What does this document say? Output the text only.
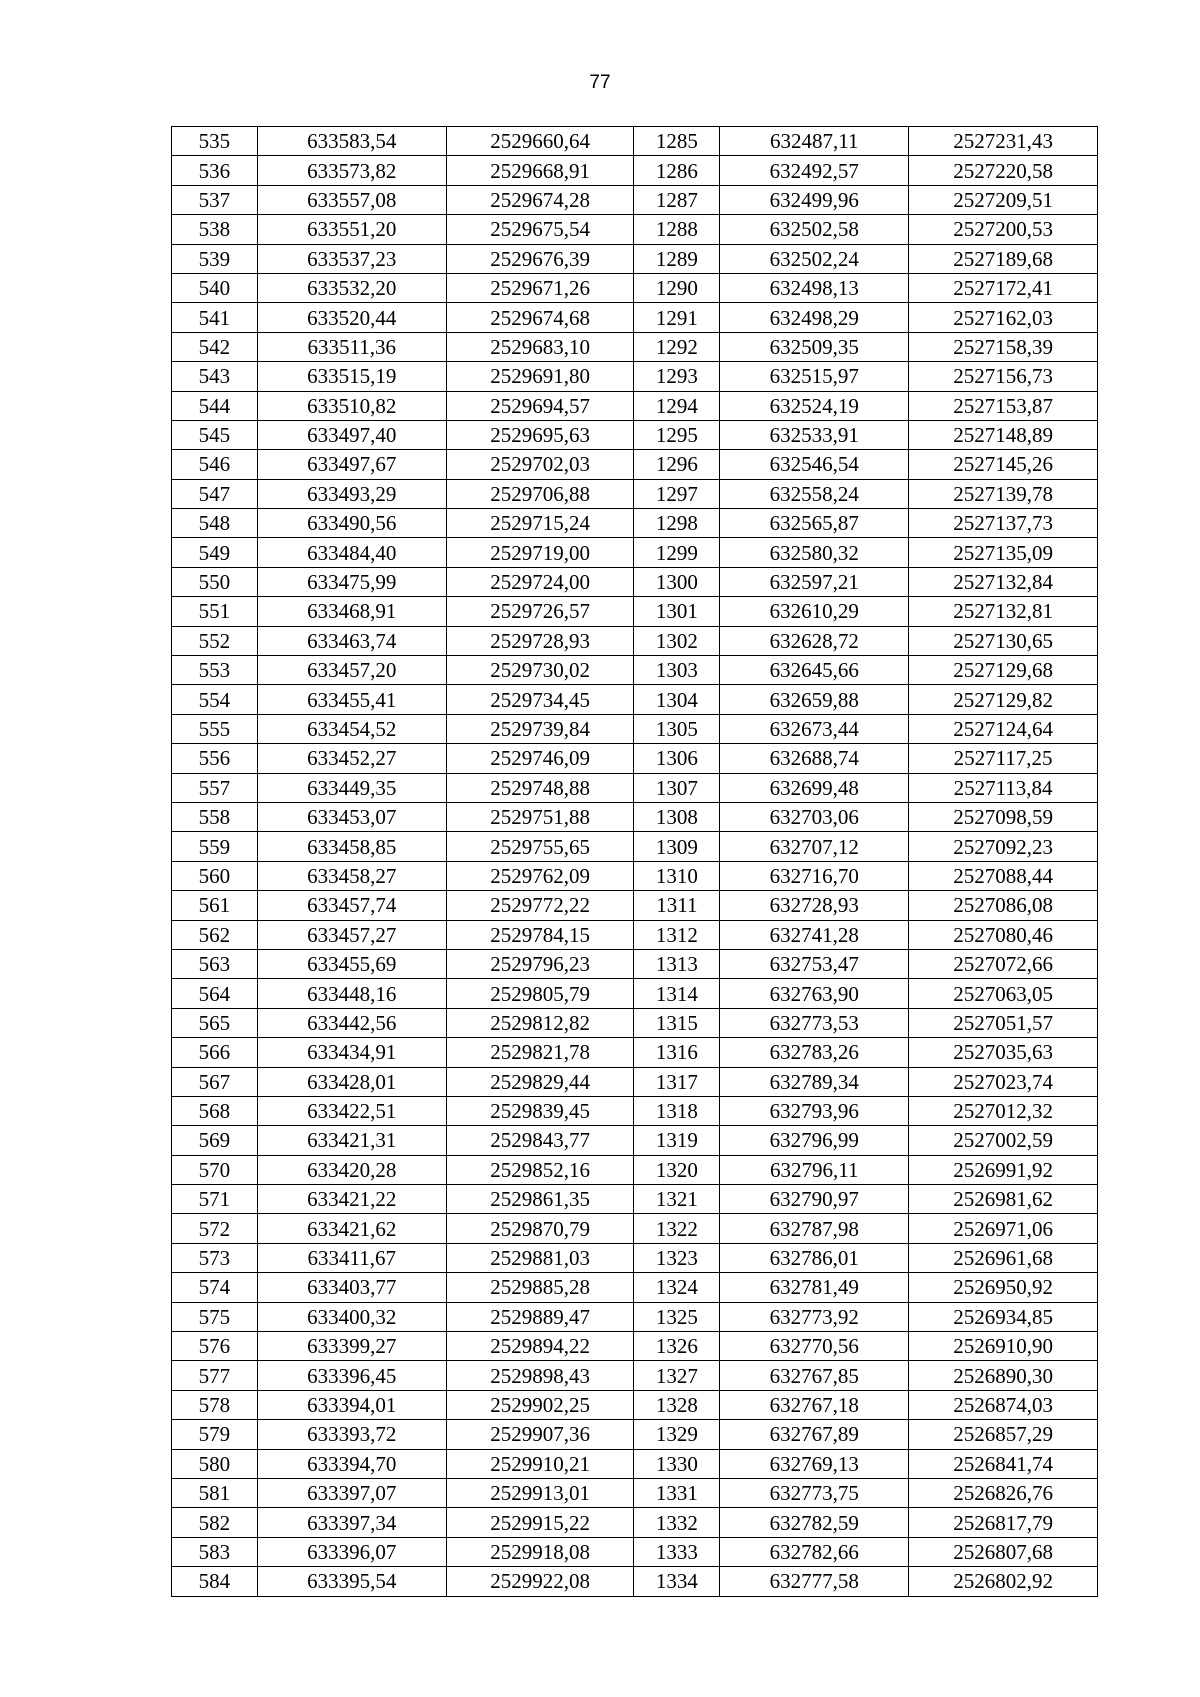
77
535	633583,54	2529660,64	1285	632487,11	2527231,43
536	633573,82	2529668,91	1286	632492,57	2527220,58
537	633557,08	2529674,28	1287	632499,96	2527209,51
538	633551,20	2529675,54	1288	632502,58	2527200,53
539	633537,23	2529676,39	1289	632502,24	2527189,68
540	633532,20	2529671,26	1290	632498,13	2527172,41
541	633520,44	2529674,68	1291	632498,29	2527162,03
542	633511,36	2529683,10	1292	632509,35	2527158,39
543	633515,19	2529691,80	1293	632515,97	2527156,73
544	633510,82	2529694,57	1294	632524,19	2527153,87
545	633497,40	2529695,63	1295	632533,91	2527148,89
546	633497,67	2529702,03	1296	632546,54	2527145,26
547	633493,29	2529706,88	1297	632558,24	2527139,78
548	633490,56	2529715,24	1298	632565,87	2527137,73
549	633484,40	2529719,00	1299	632580,32	2527135,09
550	633475,99	2529724,00	1300	632597,21	2527132,84
551	633468,91	2529726,57	1301	632610,29	2527132,81
552	633463,74	2529728,93	1302	632628,72	2527130,65
553	633457,20	2529730,02	1303	632645,66	2527129,68
554	633455,41	2529734,45	1304	632659,88	2527129,82
555	633454,52	2529739,84	1305	632673,44	2527124,64
556	633452,27	2529746,09	1306	632688,74	2527117,25
557	633449,35	2529748,88	1307	632699,48	2527113,84
558	633453,07	2529751,88	1308	632703,06	2527098,59
559	633458,85	2529755,65	1309	632707,12	2527092,23
560	633458,27	2529762,09	1310	632716,70	2527088,44
561	633457,74	2529772,22	1311	632728,93	2527086,08
562	633457,27	2529784,15	1312	632741,28	2527080,46
563	633455,69	2529796,23	1313	632753,47	2527072,66
564	633448,16	2529805,79	1314	632763,90	2527063,05
565	633442,56	2529812,82	1315	632773,53	2527051,57
566	633434,91	2529821,78	1316	632783,26	2527035,63
567	633428,01	2529829,44	1317	632789,34	2527023,74
568	633422,51	2529839,45	1318	632793,96	2527012,32
569	633421,31	2529843,77	1319	632796,99	2527002,59
570	633420,28	2529852,16	1320	632796,11	2526991,92
571	633421,22	2529861,35	1321	632790,97	2526981,62
572	633421,62	2529870,79	1322	632787,98	2526971,06
573	633411,67	2529881,03	1323	632786,01	2526961,68
574	633403,77	2529885,28	1324	632781,49	2526950,92
575	633400,32	2529889,47	1325	632773,92	2526934,85
576	633399,27	2529894,22	1326	632770,56	2526910,90
577	633396,45	2529898,43	1327	632767,85	2526890,30
578	633394,01	2529902,25	1328	632767,18	2526874,03
579	633393,72	2529907,36	1329	632767,89	2526857,29
580	633394,70	2529910,21	1330	632769,13	2526841,74
581	633397,07	2529913,01	1331	632773,75	2526826,76
582	633397,34	2529915,22	1332	632782,59	2526817,79
583	633396,07	2529918,08	1333	632782,66	2526807,68
584	633395,54	2529922,08	1334	632777,58	2526802,92
